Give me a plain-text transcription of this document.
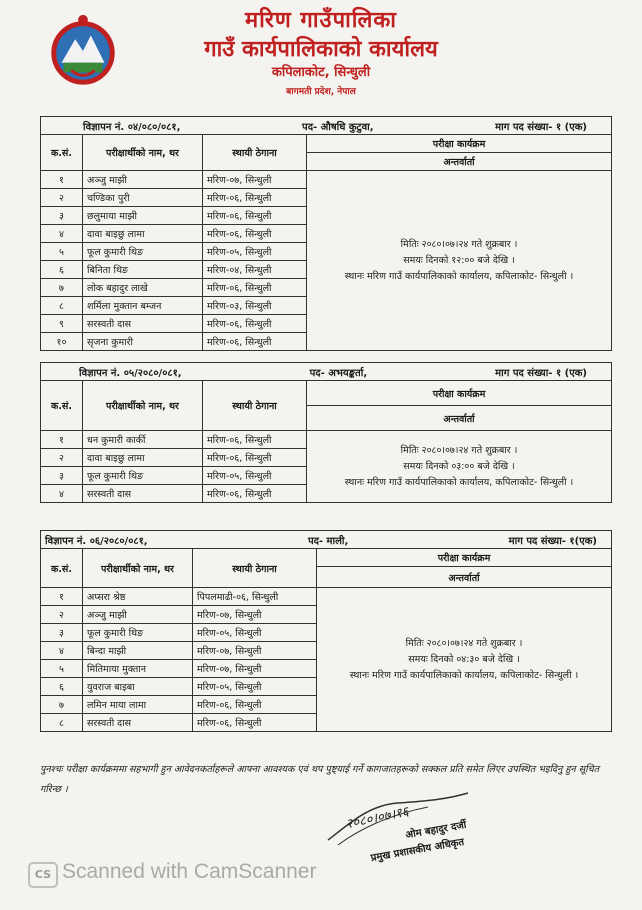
मरिण गाउँपालिका
गाउँ कार्यपालिकाको कार्यालय
कपिलाकोट, सिन्धुली
बागमती प्रदेश, नेपाल
विज्ञापन नं. ०४/०८०/०८१, पद- औषधि कुटुवा, माग पद संख्या- १ (एक)			

क.सं.	परीक्षार्थीको नाम, थर	स्थायी ठेगाना	परीक्षा कार्यक्रम
			अन्तर्वार्ता
१	अञ्जु माझी	मरिण-०७, सिन्धुली	मितिः २०८०।०७।२४ गते शुक्रबार ।
समयः दिनको १२:०० बजे देखि ।
स्थानः मरिण गाउँ कार्यपालिकाको कार्यालय, कपिलाकोट- सिन्धुली ।

२	चण्डिका पुरी	मरिण-०६, सिन्धुली	
३	छलुमाया माझी	मरिण-०६, सिन्धुली	
४	दावा बाइछु लामा	मरिण-०६, सिन्धुली	
५	फूल कुमारी थिङ	मरिण-०५, सिन्धुली	
६	बिनिता थिङ	मरिण-०४, सिन्धुली	
७	लोक बहादुर लाखे	मरिण-०६, सिन्धुली	
८	शर्मिला मुक्तान बम्जन	मरिण-०३, सिन्धुली	
९	सरस्वती दास	मरिण-०६, सिन्धुली	
१०	सृजना कुमारी	मरिण-०६, सिन्धुली	
विज्ञापन नं. ०५/२०८०/०८१, पद- अभयङ्कर्ता, माग पद संख्या- १ (एक)			

क.सं.	परीक्षार्थीको नाम, थर	स्थायी ठेगाना	परीक्षा कार्यक्रम
			अन्तर्वार्ता
१	धन कुमारी कार्की	मरिण-०६, सिन्धुली	मितिः २०८०।०७।२४ गते शुक्रबार ।
समयः दिनको ०३:०० बजे देखि ।
स्थानः मरिण गाउँ कार्यपालिकाको कार्यालय, कपिलाकोट- सिन्धुली ।

२	दावा बाइछु लामा	मरिण-०६, सिन्धुली	
३	फूल कुमारी थिङ	मरिण-०५, सिन्धुली	
४	सरस्वती दास	मरिण-०६, सिन्धुली	
विज्ञापन नं. ०६/२०८०/०८१, पद- माली, माग पद संख्या- १(एक)			

क.सं.	परीक्षार्थीको नाम, थर	स्थायी ठेगाना	परीक्षा कार्यक्रम
			अन्तर्वार्ता
१	अप्सरा श्रेष्ठ	पिपलमाढी-०६, सिन्धुली	मितिः २०८०।०७।२४ गते शुक्रबार ।
समयः दिनको ०४:३० बजे देखि ।
स्थानः मरिण गाउँ कार्यपालिकाको कार्यालय, कपिलाकोट- सिन्धुली ।

२	अञ्जु माझी	मरिण-०७, सिन्धुली	
३	फूल कुमारी थिङ	मरिण-०५, सिन्धुली	
४	बिन्दा माझी	मरिण-०७, सिन्धुली	
५	मितिमाया मुक्तान	मरिण-०७, सिन्धुली	
६	युवराज बाइबा	मरिण-०५, सिन्धुली	
७	लमिन माया लामा	मरिण-०६, सिन्धुली	
८	सरस्वती दास	मरिण-०६, सिन्धुली	
पुनश्चः परीक्षा कार्यक्रममा सहभागी हुन आवेदनकर्ताहरूले आफ्ना आवश्यक एवं थप पुष्ट्याई गर्ने कागजातहरूको सक्कल प्रति समेत लिएर उपस्थित भइदिनु हुन सूचित गरिन्छ ।
२०८०।०७।१६
ओम बहादुर दर्जी
प्रमुख प्रशासकीय अधिकृत
CS Scanned with CamScanner
